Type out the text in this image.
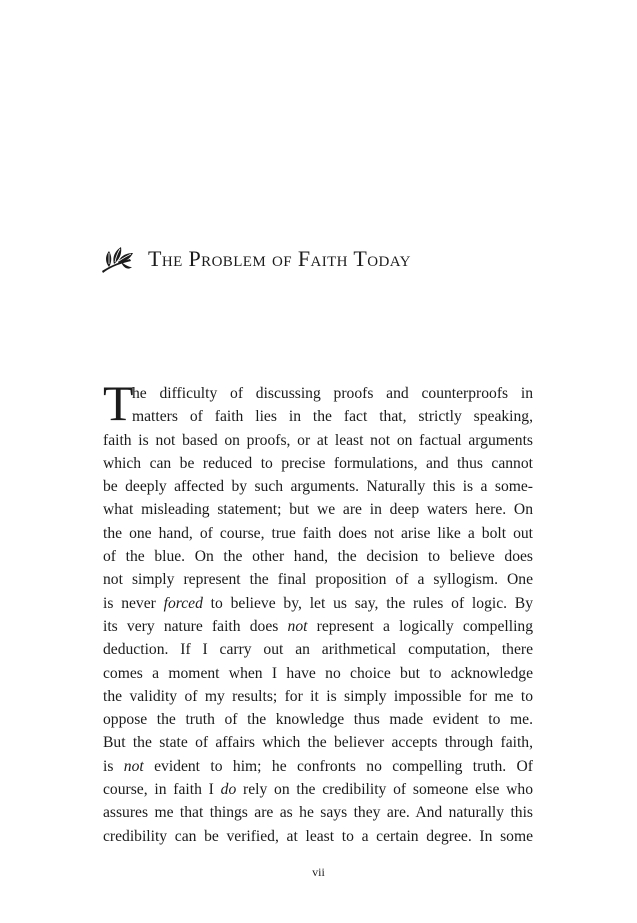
The Problem of Faith Today
T
he difficulty of discussing proofs and counterproofs in
matters of faith lies in the fact that, strictly speaking,
faith is not based on proofs, or at least not on factual arguments
which can be reduced to precise formulations, and thus cannot
be deeply affected by such arguments. Naturally this is a some-
what misleading statement; but we are in deep waters here. On
the one hand, of course, true faith does not arise like a bolt out
of the blue. On the other hand, the decision to believe does
not simply represent the final proposition of a syllogism. One
is never forced to believe by, let us say, the rules of logic. By
its very nature faith does not represent a logically compelling
deduction. If I carry out an arithmetical computation, there
comes a moment when I have no choice but to acknowledge
the validity of my results; for it is simply impossible for me to
oppose the truth of the knowledge thus made evident to me.
But the state of affairs which the believer accepts through faith,
is not evident to him; he confronts no compelling truth. Of
course, in faith I do rely on the credibility of someone else who
assures me that things are as he says they are. And naturally this
credibility can be verified, at least to a certain degree. In some
vii
